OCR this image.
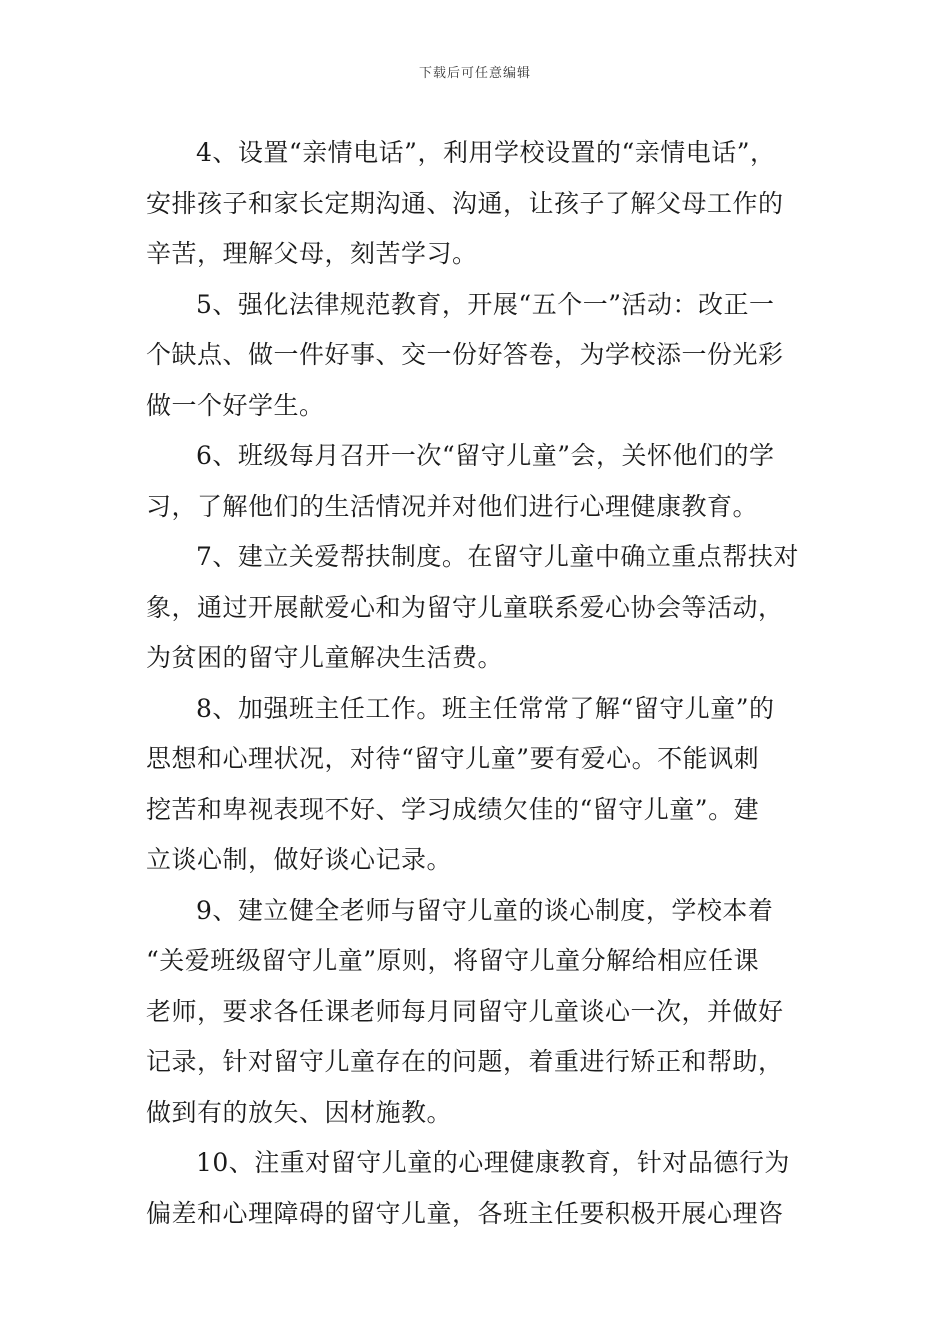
下载后可任意编辑
4、设置“亲情电话”，利用学校设置的“亲情电话”，
安排孩子和家长定期沟通、沟通，让孩子了解父母工作的
辛苦，理解父母，刻苦学习。
5、强化法律规范教育，开展“五个一”活动：改正一
个缺点、做一件好事、交一份好答卷，为学校添一份光彩
做一个好学生。
6、班级每月召开一次“留守儿童”会，关怀他们的学
习，了解他们的生活情况并对他们进行心理健康教育。
7、建立关爱帮扶制度。在留守儿童中确立重点帮扶对
象，通过开展献爱心和为留守儿童联系爱心协会等活动，
为贫困的留守儿童解决生活费。
8、加强班主任工作。班主任常常了解“留守儿童”的
思想和心理状况，对待“留守儿童”要有爱心。不能讽刺
挖苦和卑视表现不好、学习成绩欠佳的“留守儿童”。建
立谈心制，做好谈心记录。
9、建立健全老师与留守儿童的谈心制度，学校本着
“关爱班级留守儿童”原则，将留守儿童分解给相应任课
老师，要求各任课老师每月同留守儿童谈心一次，并做好
记录，针对留守儿童存在的问题，着重进行矫正和帮助，
做到有的放矢、因材施教。
10、注重对留守儿童的心理健康教育，针对品德行为
偏差和心理障碍的留守儿童，各班主任要积极开展心理咨
